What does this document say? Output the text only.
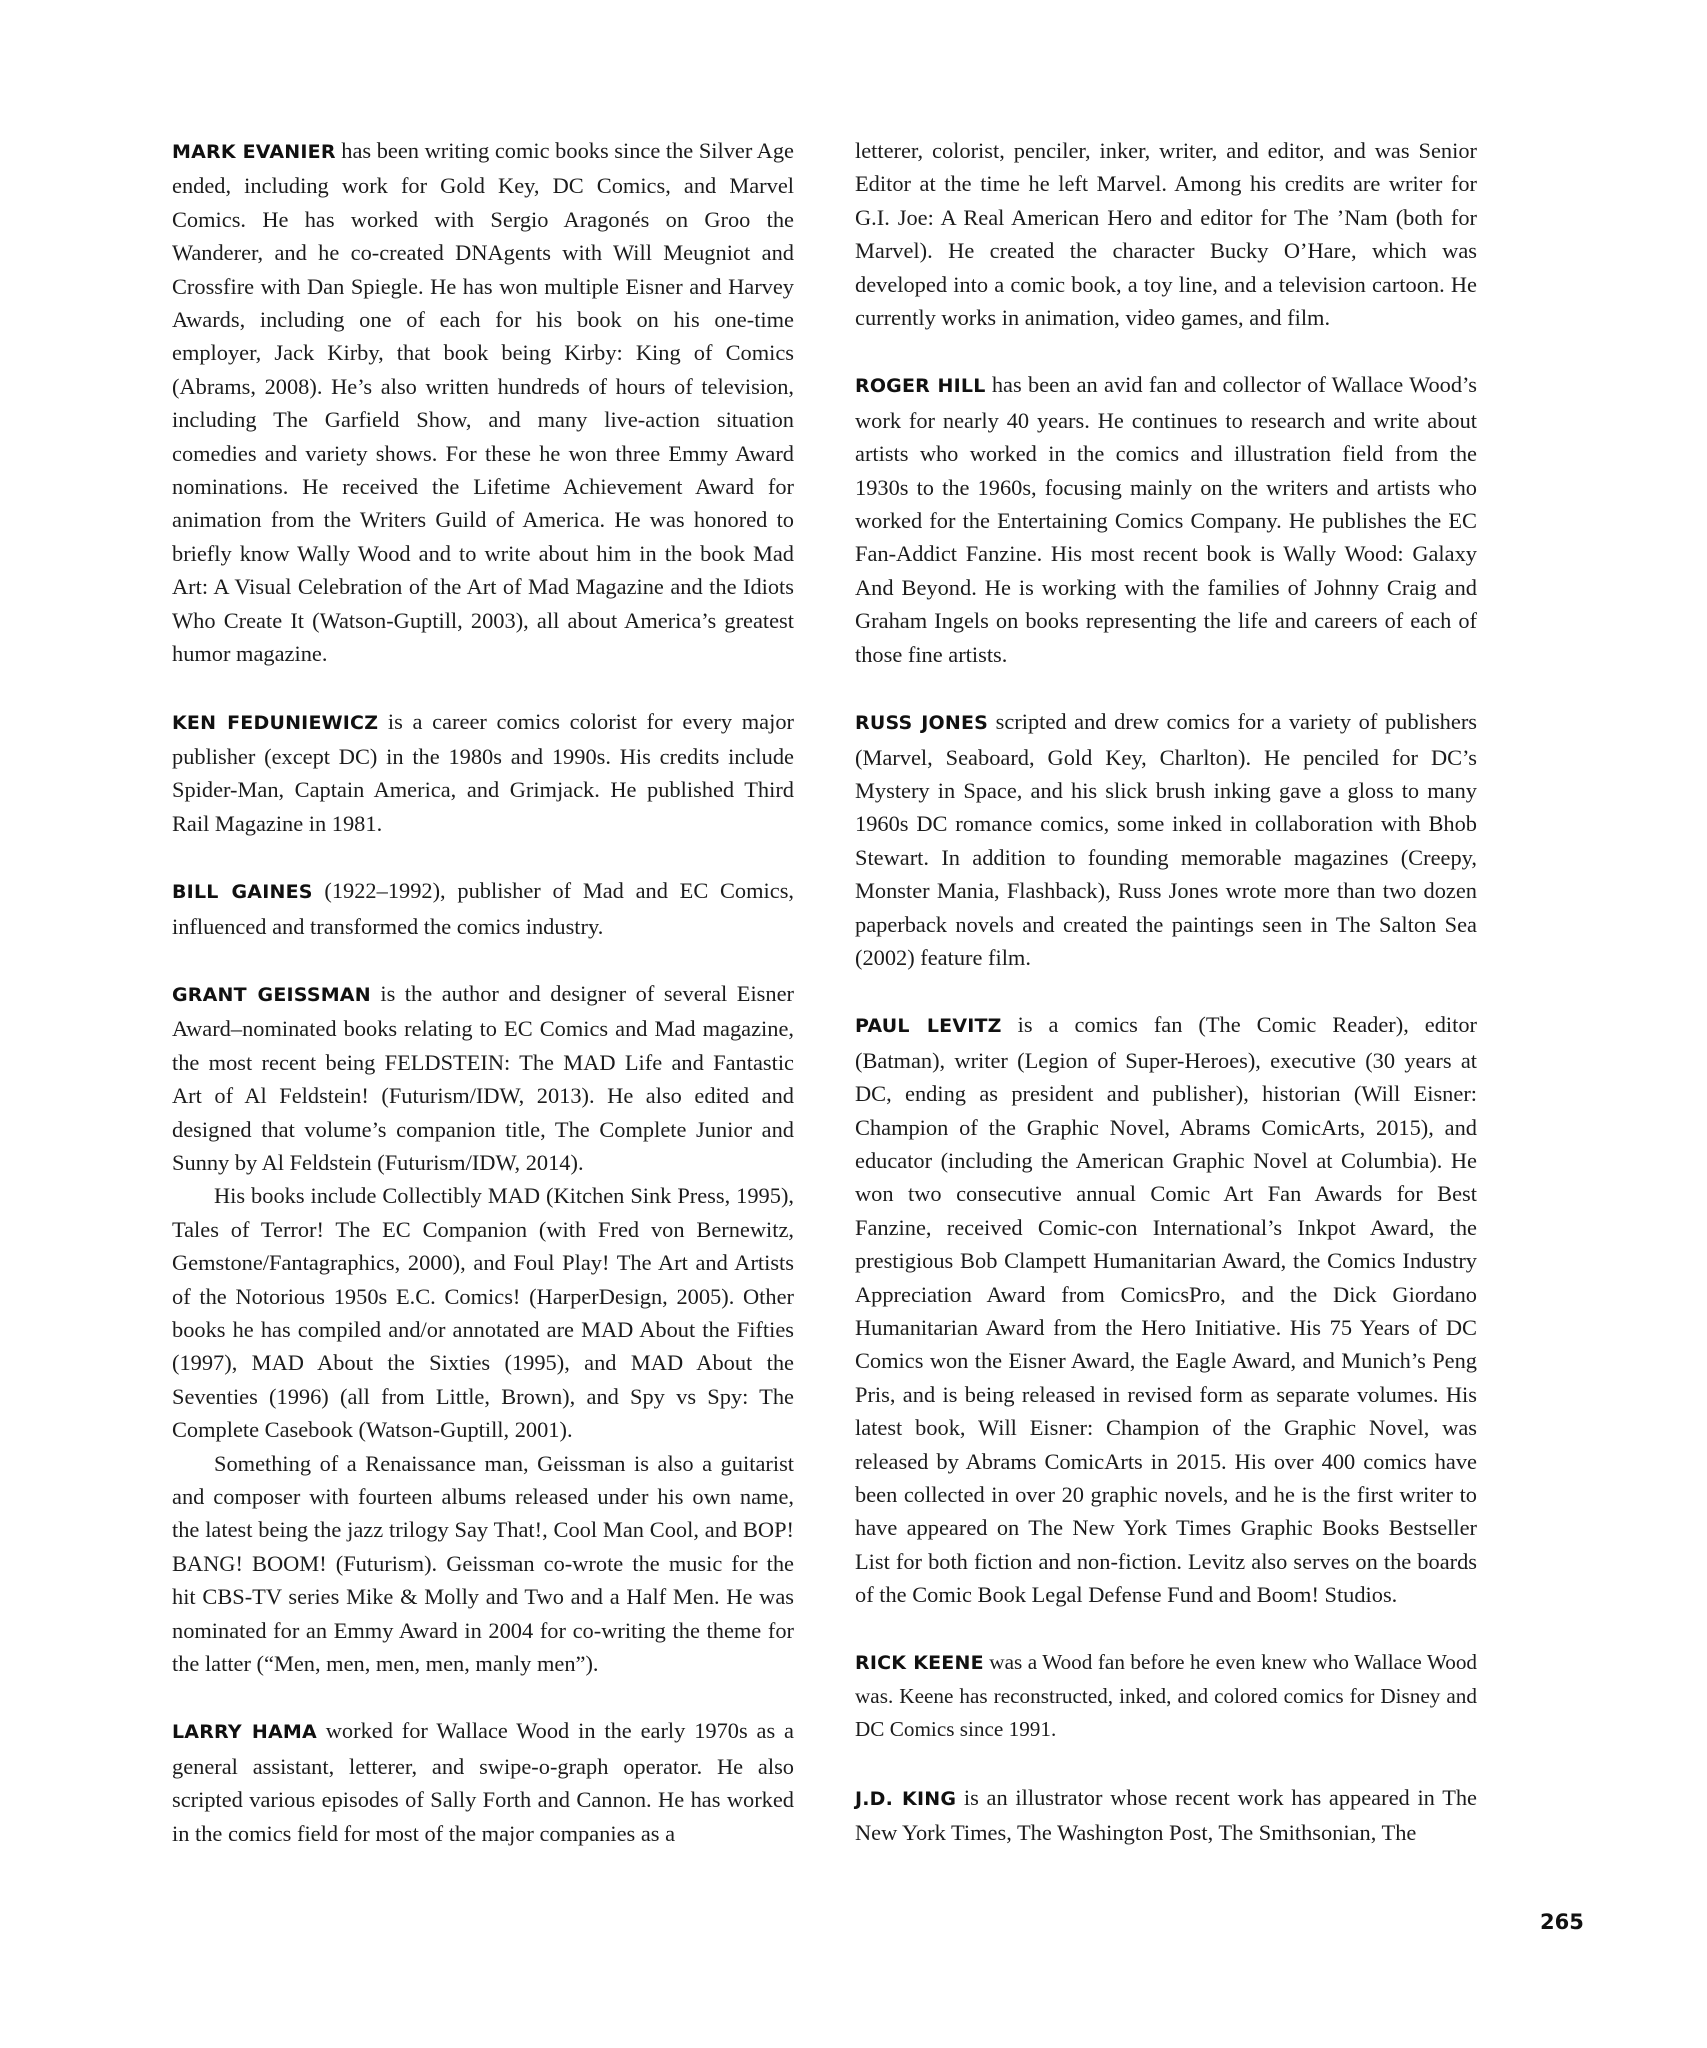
MARK EVANIER has been writing comic books since the Silver Age ended, including work for Gold Key, DC Comics, and Marvel Comics. He has worked with Sergio Aragonés on Groo the Wanderer, and he co-created DNAgents with Will Meugniot and Crossfire with Dan Spiegle. He has won multiple Eisner and Harvey Awards, including one of each for his book on his one-time employer, Jack Kirby, that book being Kirby: King of Comics (Abrams, 2008). He’s also written hundreds of hours of television, including The Garfield Show, and many live-action situation comedies and variety shows. For these he won three Emmy Award nominations. He received the Lifetime Achievement Award for animation from the Writers Guild of America. He was honored to briefly know Wally Wood and to write about him in the book Mad Art: A Visual Celebration of the Art of Mad Magazine and the Idiots Who Create It (Watson-Guptill, 2003), all about America’s greatest humor magazine.

KEN FEDUNIEWICZ is a career comics colorist for every major publisher (except DC) in the 1980s and 1990s. His credits include Spider-Man, Captain America, and Grimjack. He published Third Rail Magazine in 1981.

BILL GAINES (1922–1992), publisher of Mad and EC Comics, influenced and transformed the comics industry.

GRANT GEISSMAN is the author and designer of several Eisner Award–nominated books relating to EC Comics and Mad magazine, the most recent being FELDSTEIN: The MAD Life and Fantastic Art of Al Feldstein! (Futurism/IDW, 2013). He also edited and designed that volume’s companion title, The Complete Junior and Sunny by Al Feldstein (Futurism/IDW, 2014).

His books include Collectibly MAD (Kitchen Sink Press, 1995), Tales of Terror! The EC Companion (with Fred von Bernewitz, Gemstone/Fantagraphics, 2000), and Foul Play! The Art and Artists of the Notorious 1950s E.C. Comics! (HarperDesign, 2005). Other books he has compiled and/or annotated are MAD About the Fifties (1997), MAD About the Sixties (1995), and MAD About the Seventies (1996) (all from Little, Brown), and Spy vs Spy: The Complete Casebook (Watson-Guptill, 2001).

Something of a Renaissance man, Geissman is also a guitarist and composer with fourteen albums released under his own name, the latest being the jazz trilogy Say That!, Cool Man Cool, and BOP! BANG! BOOM! (Futurism). Geissman co-wrote the music for the hit CBS-TV series Mike & Molly and Two and a Half Men. He was nominated for an Emmy Award in 2004 for co-writing the theme for the latter (“Men, men, men, men, manly men”).

LARRY HAMA worked for Wallace Wood in the early 1970s as a general assistant, letterer, and swipe-o-graph operator. He also scripted various episodes of Sally Forth and Cannon. He has worked in the comics field for most of the major companies as a

letterer, colorist, penciler, inker, writer, and editor, and was Senior Editor at the time he left Marvel. Among his credits are writer for G.I. Joe: A Real American Hero and editor for The ’Nam (both for Marvel). He created the character Bucky O’Hare, which was developed into a comic book, a toy line, and a television cartoon. He currently works in animation, video games, and film.

ROGER HILL has been an avid fan and collector of Wallace Wood’s work for nearly 40 years. He continues to research and write about artists who worked in the comics and illustration field from the 1930s to the 1960s, focusing mainly on the writers and artists who worked for the Entertaining Comics Company. He publishes the EC Fan-Addict Fanzine. His most recent book is Wally Wood: Galaxy And Beyond. He is working with the families of Johnny Craig and Graham Ingels on books representing the life and careers of each of those fine artists.

RUSS JONES scripted and drew comics for a variety of publishers (Marvel, Seaboard, Gold Key, Charlton). He penciled for DC’s Mystery in Space, and his slick brush inking gave a gloss to many 1960s DC romance comics, some inked in collaboration with Bhob Stewart. In addition to founding memorable magazines (Creepy, Monster Mania, Flashback), Russ Jones wrote more than two dozen paperback novels and created the paintings seen in The Salton Sea (2002) feature film.

PAUL LEVITZ is a comics fan (The Comic Reader), editor (Batman), writer (Legion of Super-Heroes), executive (30 years at DC, ending as president and publisher), historian (Will Eisner: Champion of the Graphic Novel, Abrams ComicArts, 2015), and educator (including the American Graphic Novel at Columbia). He won two consecutive annual Comic Art Fan Awards for Best Fanzine, received Comic-con International’s Inkpot Award, the prestigious Bob Clampett Humanitarian Award, the Comics Industry Appreciation Award from ComicsPro, and the Dick Giordano Humanitarian Award from the Hero Initiative. His 75 Years of DC Comics won the Eisner Award, the Eagle Award, and Munich’s Peng Pris, and is being released in revised form as separate volumes. His latest book, Will Eisner: Champion of the Graphic Novel, was released by Abrams ComicArts in 2015. His over 400 comics have been collected in over 20 graphic novels, and he is the first writer to have appeared on The New York Times Graphic Books Bestseller List for both fiction and non-fiction. Levitz also serves on the boards of the Comic Book Legal Defense Fund and Boom! Studios.

RICK KEENE was a Wood fan before he even knew who Wallace Wood was. Keene has reconstructed, inked, and colored comics for Disney and DC Comics since 1991.

J.D. KING is an illustrator whose recent work has appeared in The New York Times, The Washington Post, The Smithsonian, The

265
